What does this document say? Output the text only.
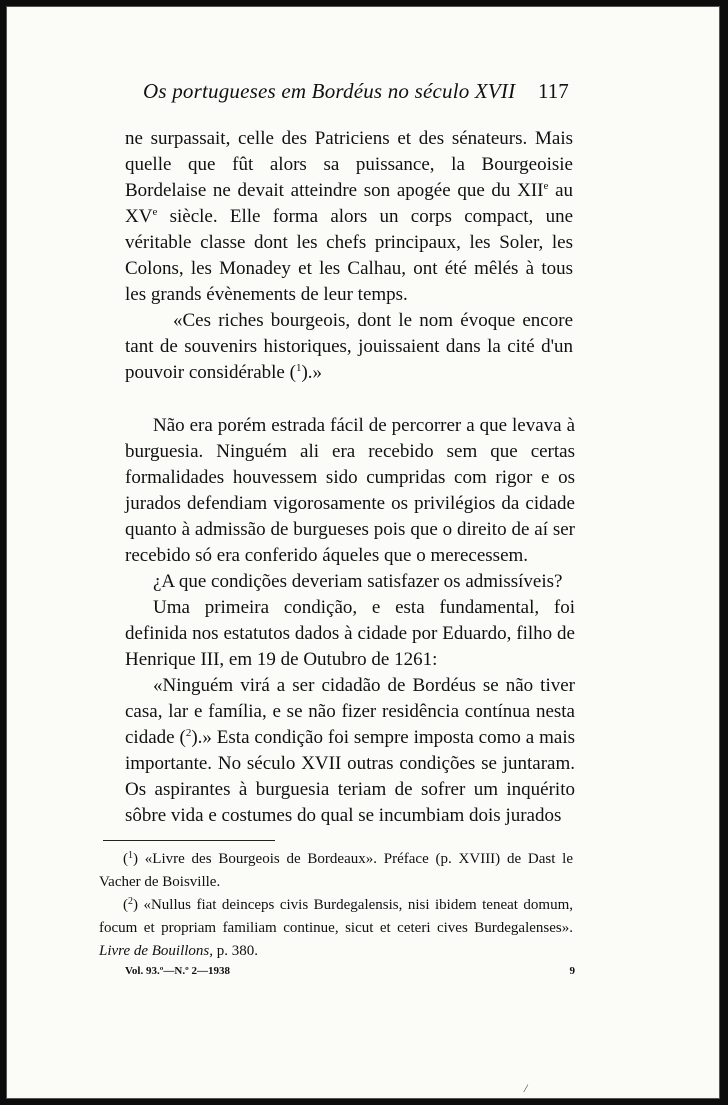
Os portugueses em Bordéus no século XVII 117

ne surpassait, celle des Patriciens et des sénateurs. Mais quelle que fût alors sa puissance, la Bourgeoisie Bordelaise ne devait atteindre son apogée que du XIIe au XVe siècle. Elle forma alors un corps compact, une véritable classe dont les chefs principaux, les Soler, les Colons, les Monadey et les Calhau, ont été mêlés à tous les grands évènements de leur temps.

«Ces riches bourgeois, dont le nom évoque encore tant de souvenirs historiques, jouissaient dans la cité d'un pouvoir considérable ($^1$).»

Não era porém estrada fácil de percorrer a que levava à burguesia. Ninguém ali era recebido sem que certas formalidades houvessem sido cumpridas com rigor e os jurados defendiam vigorosamente os privilégios da cidade quanto à admissão de burgueses pois que o direito de aí ser recebido só era conferido áqueles que o merecessem.

¿A que condições deveriam satisfazer os admissíveis?

Uma primeira condição, e esta fundamental, foi definida nos estatutos dados à cidade por Eduardo, filho de Henrique III, em 19 de Outubro de 1261:

«Ninguém virá a ser cidadão de Bordéus se não tiver casa, lar e família, e se não fizer residência contínua nesta cidade ($^2$).» Esta condição foi sempre imposta como a mais importante. No século XVII outras condições se juntaram. Os aspirantes à burguesia teriam de sofrer um inquérito sôbre vida e costumes do qual se incumbiam dois jurados

($^1$) «Livre des Bourgeois de Bordeaux». Préface (p. XVIII) de Dast le Vacher de Boisville.

($^2$) «Nullus fiat deinceps civis Burdegalensis, nisi ibidem teneat domum, focum et propriam familiam continue, sicut et ceteri cives Burdegalenses». Livre de Bouillons, p. 380.

Vol. 93.º—N.º 2—1938	9
/
